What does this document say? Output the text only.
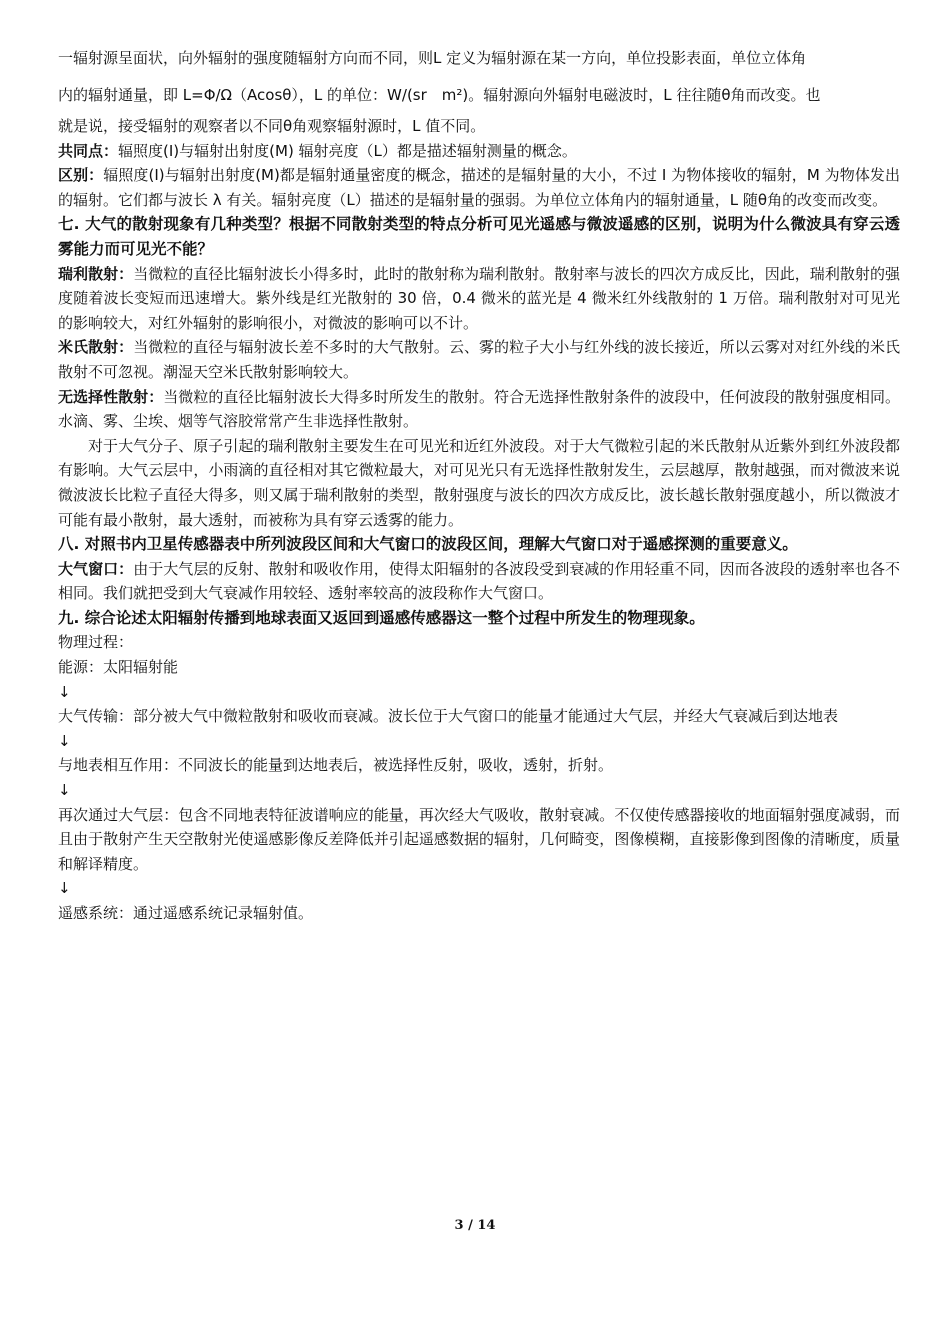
一辐射源呈面状，向外辐射的强度随辐射方向而不同，则L 定义为辐射源在某一方向，单位投影表面，单位立体角

内的辐射通量，即 L=Φ/Ω（Acosθ），L 的单位：W/(sr　m²)。辐射源向外辐射电磁波时，L 往往随θ角而改变。也

就是说，接受辐射的观察者以不同θ角观察辐射源时，L 值不同。

共同点：辐照度(I)与辐射出射度(M) 辐射亮度（L）都是描述辐射测量的概念。

区别：辐照度(I)与辐射出射度(M)都是辐射通量密度的概念，描述的是辐射量的大小，不过 I 为物体接收的辐射，M 为物体发出的辐射。它们都与波长 λ 有关。辐射亮度（L）描述的是辐射量的强弱。为单位立体角内的辐射通量，L 随θ角的改变而改变。

七. 大气的散射现象有几种类型？根据不同散射类型的特点分析可见光遥感与微波遥感的区别，说明为什么微波具有穿云透雾能力而可见光不能？

瑞利散射：当微粒的直径比辐射波长小得多时，此时的散射称为瑞利散射。散射率与波长的四次方成反比，因此，瑞利散射的强度随着波长变短而迅速增大。紫外线是红光散射的 30 倍，0.4 微米的蓝光是 4 微米红外线散射的 1 万倍。瑞利散射对可见光的影响较大，对红外辐射的影响很小，对微波的影响可以不计。

米氏散射：当微粒的直径与辐射波长差不多时的大气散射。云、雾的粒子大小与红外线的波长接近，所以云雾对对红外线的米氏散射不可忽视。潮湿天空米氏散射影响较大。

无选择性散射：当微粒的直径比辐射波长大得多时所发生的散射。符合无选择性散射条件的波段中，任何波段的散射强度相同。水滴、雾、尘埃、烟等气溶胶常常产生非选择性散射。

对于大气分子、原子引起的瑞利散射主要发生在可见光和近红外波段。对于大气微粒引起的米氏散射从近紫外到红外波段都有影响。大气云层中，小雨滴的直径相对其它微粒最大，对可见光只有无选择性散射发生，云层越厚，散射越强，而对微波来说微波波长比粒子直径大得多，则又属于瑞利散射的类型，散射强度与波长的四次方成反比，波长越长散射强度越小，所以微波才可能有最小散射，最大透射，而被称为具有穿云透雾的能力。

八. 对照书内卫星传感器表中所列波段区间和大气窗口的波段区间，理解大气窗口对于遥感探测的重要意义。

大气窗口：由于大气层的反射、散射和吸收作用，使得太阳辐射的各波段受到衰减的作用轻重不同，因而各波段的透射率也各不相同。我们就把受到大气衰减作用较轻、透射率较高的波段称作大气窗口。

九. 综合论述太阳辐射传播到地球表面又返回到遥感传感器这一整个过程中所发生的物理现象。

物理过程：

能源：太阳辐射能

↓

大气传输：部分被大气中微粒散射和吸收而衰减。波长位于大气窗口的能量才能通过大气层，并经大气衰减后到达地表

↓

与地表相互作用：不同波长的能量到达地表后，被选择性反射，吸收，透射，折射。

↓

再次通过大气层：包含不同地表特征波谱响应的能量，再次经大气吸收，散射衰减。不仅使传感器接收的地面辐射强度减弱，而且由于散射产生天空散射光使遥感影像反差降低并引起遥感数据的辐射，几何畸变，图像模糊，直接影像到图像的清晰度，质量和解译精度。

↓

遥感系统：通过遥感系统记录辐射值。

3 / 14
